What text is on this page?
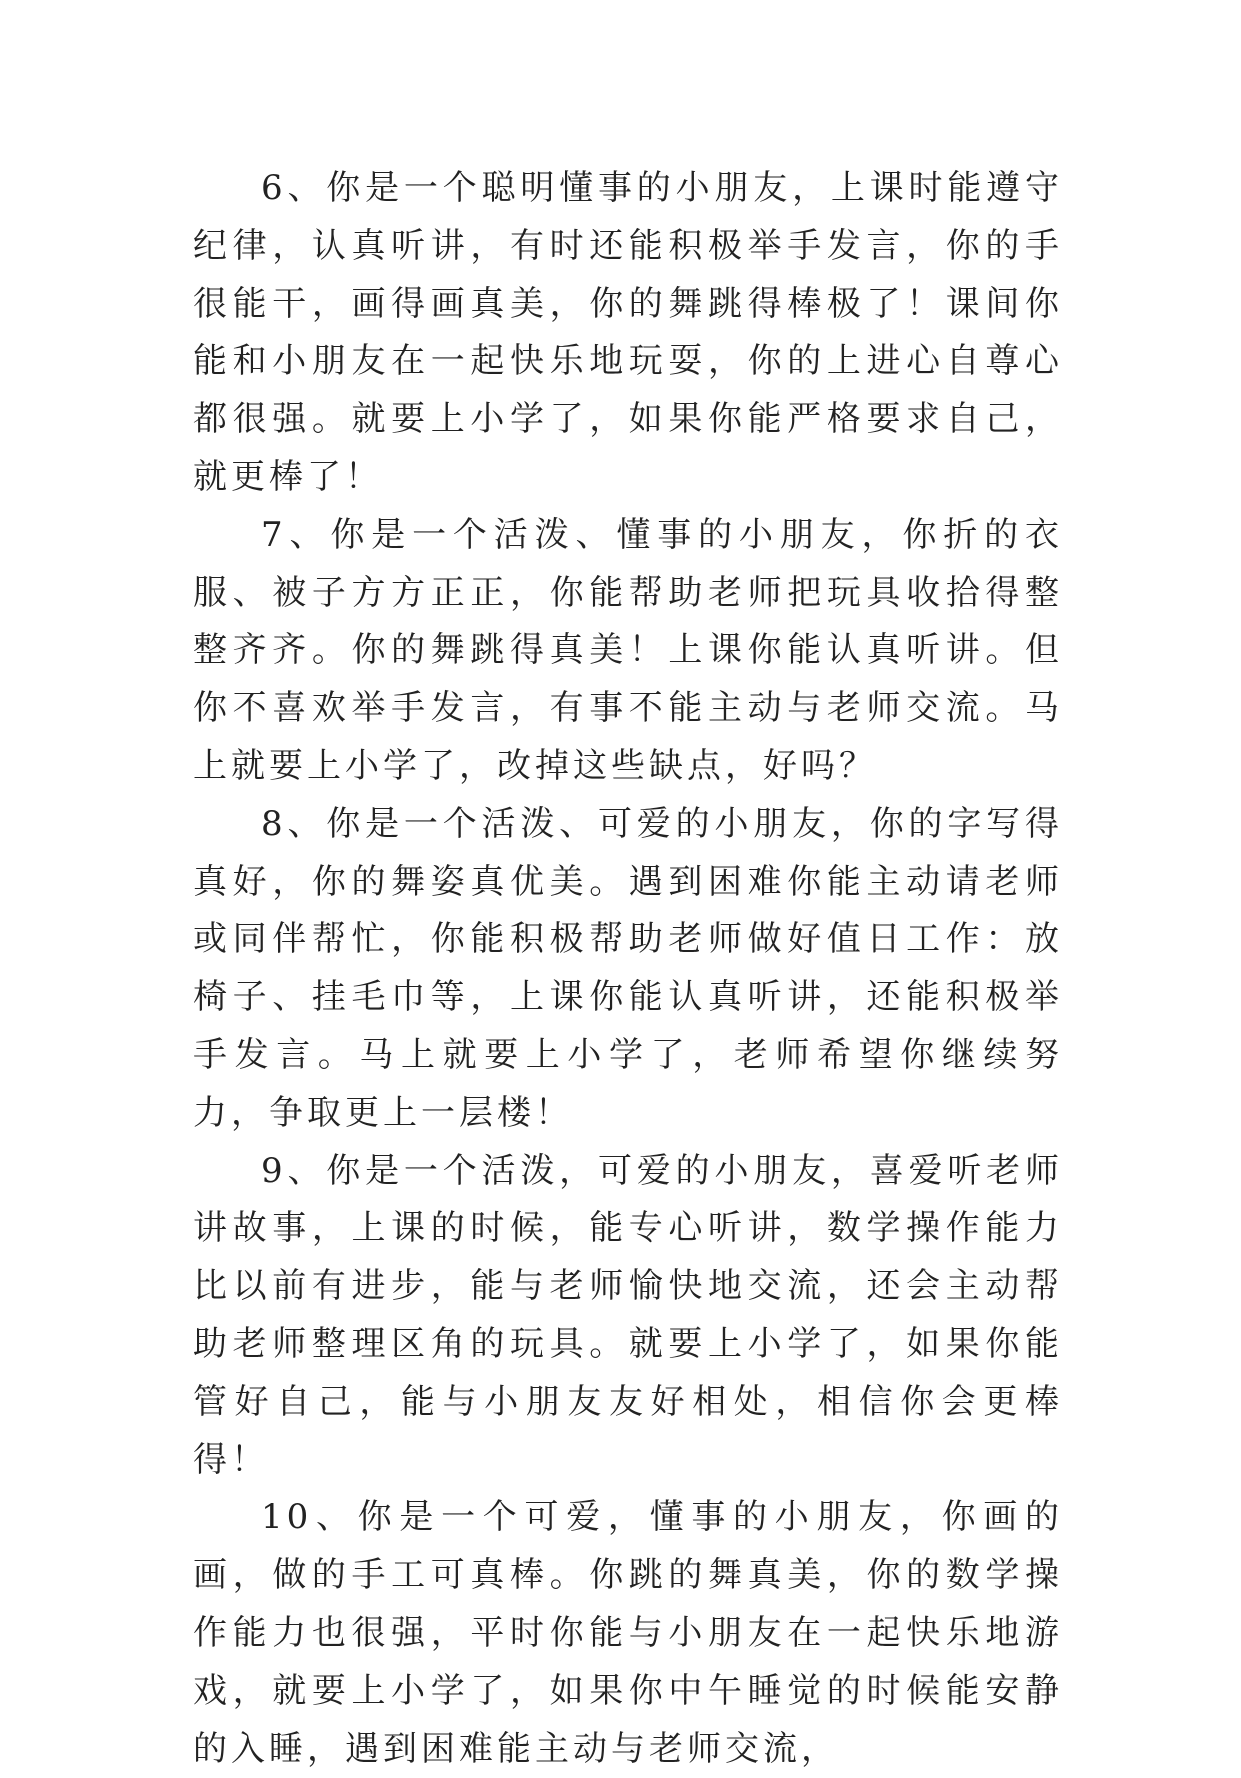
6、你是一个聪明懂事的小朋友，上课时能遵守纪律，认真听讲，有时还能积极举手发言，你的手很能干，画得画真美，你的舞跳得棒极了！课间你能和小朋友在一起快乐地玩耍，你的上进心自尊心都很强。就要上小学了，如果你能严格要求自己，就更棒了！

7、你是一个活泼、懂事的小朋友，你折的衣服、被子方方正正，你能帮助老师把玩具收拾得整整齐齐。你的舞跳得真美！上课你能认真听讲。但你不喜欢举手发言，有事不能主动与老师交流。马上就要上小学了，改掉这些缺点，好吗？

8、你是一个活泼、可爱的小朋友，你的字写得真好，你的舞姿真优美。遇到困难你能主动请老师或同伴帮忙，你能积极帮助老师做好值日工作：放椅子、挂毛巾等，上课你能认真听讲，还能积极举手发言。马上就要上小学了，老师希望你继续努力，争取更上一层楼！

9、你是一个活泼，可爱的小朋友，喜爱听老师讲故事，上课的时候，能专心听讲，数学操作能力比以前有进步，能与老师愉快地交流，还会主动帮助老师整理区角的玩具。就要上小学了，如果你能管好自己，能与小朋友友好相处，相信你会更棒得！

10、你是一个可爱，懂事的小朋友，你画的画，做的手工可真棒。你跳的舞真美，你的数学操作能力也很强，平时你能与小朋友在一起快乐地游戏，就要上小学了，如果你中午睡觉的时候能安静的入睡，遇到困难能主动与老师交流，
